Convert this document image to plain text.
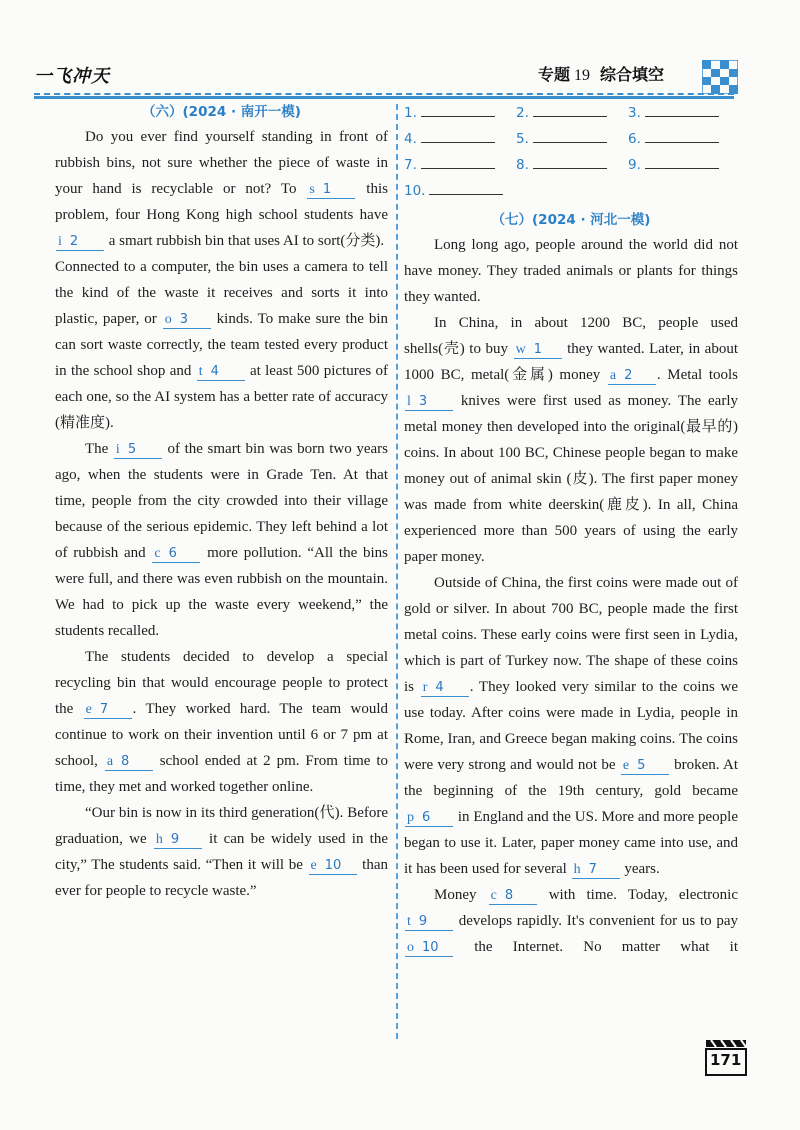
一飞冲天	专题 19 综合填空
（六）(2024 · 南开一模)

Do you ever find yourself standing in front of rubbish bins, not sure whether the piece of waste in your hand is recyclable or not? To s 1 this problem, four Hong Kong high school students have i 2 a smart rubbish bin that uses AI to sort(分类).

Connected to a computer, the bin uses a camera to tell the kind of the waste it receives and sorts it into plastic, paper, or o 3 kinds. To make sure the bin can sort waste correctly, the team tested every product in the school shop and t 4 at least 500 pictures of each one, so the AI system has a better rate of accuracy (精准度).

The i 5 of the smart bin was born two years ago, when the students were in Grade Ten. At that time, people from the city crowded into their village because of the serious epidemic. They left behind a lot of rubbish and c 6 more pollution. “All the bins were full, and there was even rubbish on the mountain. We had to pick up the waste every weekend,” the students recalled.

The students decided to develop a special recycling bin that would encourage people to protect the e 7 . They worked hard. The team would continue to work on their invention until 6 or 7 pm at school, a 8 school ended at 2 pm. From time to time, they met and worked together online.

“Our bin is now in its third generation(代). Before graduation, we h 9 it can be widely used in the city,” The students said. “Then it will be e 10 than ever for people to recycle waste.”

1.	2.	3.
4.	5.	6.
7.	8.	9.
10.
（七）(2024 · 河北一模)

Long long ago, people around the world did not have money. They traded animals or plants for things they wanted.

In China, in about 1200 BC, people used shells(壳) to buy w 1 they wanted. Later, in about 1000 BC, metal(金属) money a 2 . Metal tools l 3 knives were first used as money. The early metal money then developed into the original(最早的) coins. In about 100 BC, Chinese people began to make money out of animal skin (皮). The first paper money was made from white deerskin(鹿皮). In all, China experienced more than 500 years of using the early paper money.

Outside of China, the first coins were made out of gold or silver. In about 700 BC, people made the first metal coins. These early coins were first seen in Lydia, which is part of Turkey now. The shape of these coins is r 4 . They looked very similar to the coins we use today. After coins were made in Lydia, people in Rome, Iran, and Greece began making coins. The coins were very strong and would not be e 5 broken. At the beginning of the 19th century, gold became p 6 in England and the US. More and more people began to use it. Later, paper money came into use, and it has been used for several h 7 years.

Money c 8 with time. Today, electronic t 9 develops rapidly. It's convenient for us to pay o 10 the Internet. No matter what it

171
